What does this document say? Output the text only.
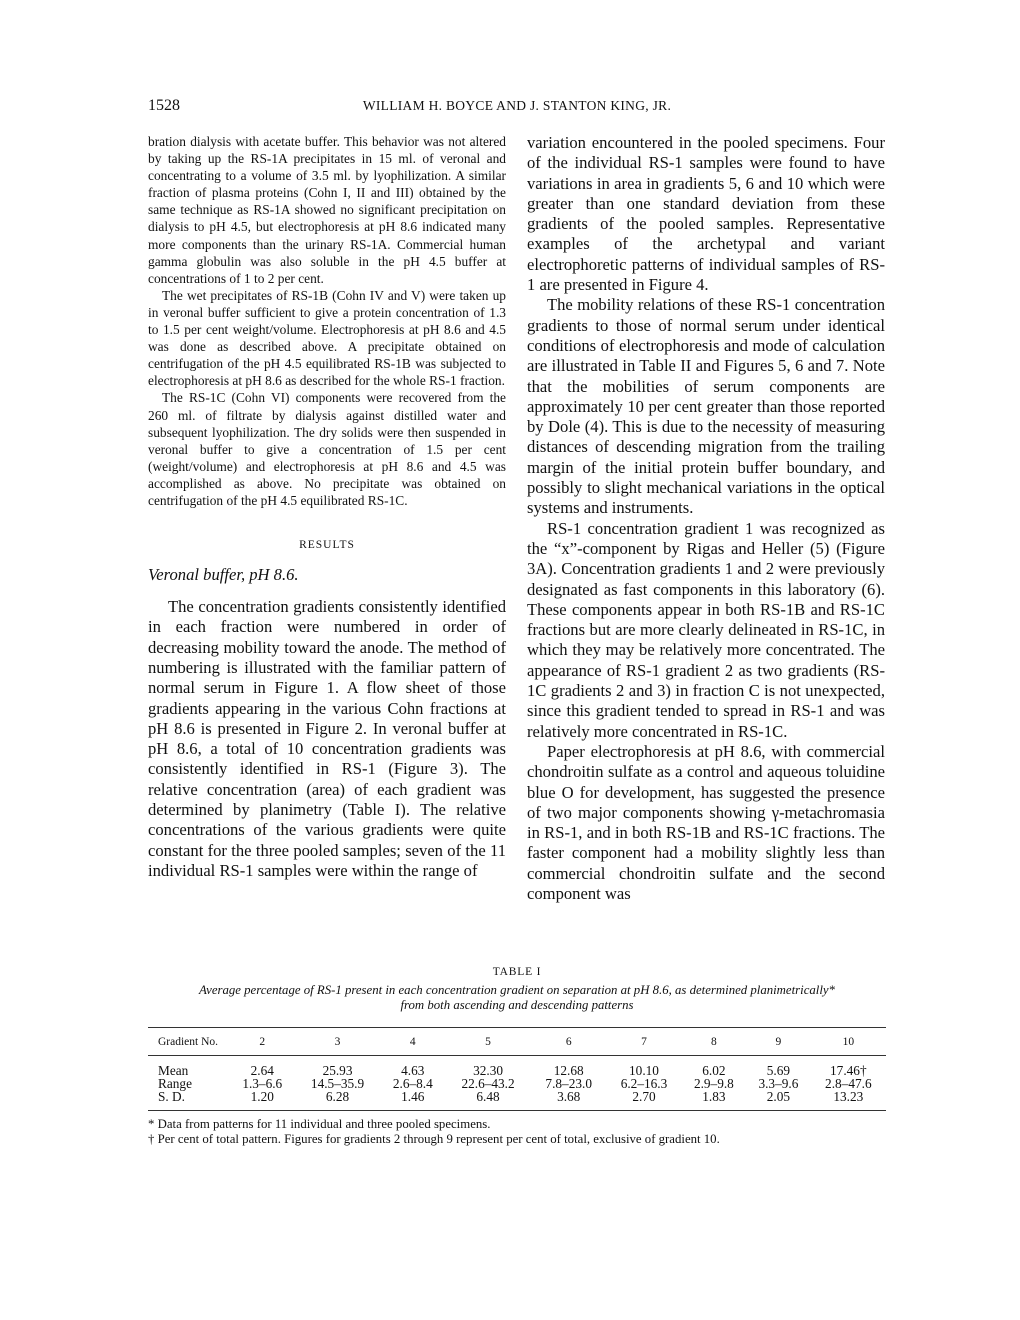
1528	WILLIAM H. BOYCE AND J. STANTON KING, JR.

bration dialysis with acetate buffer. This behavior was not altered by taking up the RS-1A precipitates in 15 ml. of veronal and concentrating to a volume of 3.5 ml. by lyophilization. A similar fraction of plasma proteins (Cohn I, II and III) obtained by the same technique as RS-1A showed no significant precipitation on dialysis to pH 4.5, but electrophoresis at pH 8.6 indicated many more components than the urinary RS-1A. Commercial human gamma globulin was also soluble in the pH 4.5 buffer at concentrations of 1 to 2 per cent.

The wet precipitates of RS-1B (Cohn IV and V) were taken up in veronal buffer sufficient to give a protein concentration of 1.3 to 1.5 per cent weight/volume. Electrophoresis at pH 8.6 and 4.5 was done as described above. A precipitate obtained on centrifugation of the pH 4.5 equilibrated RS-1B was subjected to electrophoresis at pH 8.6 as described for the whole RS-1 fraction.

The RS-1C (Cohn VI) components were recovered from the 260 ml. of filtrate by dialysis against distilled water and subsequent lyophilization. The dry solids were then suspended in veronal buffer to give a concentration of 1.5 per cent (weight/volume) and electrophoresis at pH 8.6 and 4.5 was accomplished as above. No precipitate was obtained on centrifugation of the pH 4.5 equilibrated RS-1C.

RESULTS
Veronal buffer, pH 8.6.

The concentration gradients consistently identified in each fraction were numbered in order of decreasing mobility toward the anode. The method of numbering is illustrated with the familiar pattern of normal serum in Figure 1. A flow sheet of those gradients appearing in the various Cohn fractions at pH 8.6 is presented in Figure 2. In veronal buffer at pH 8.6, a total of 10 concentration gradients was consistently identified in RS-1 (Figure 3). The relative concentration (area) of each gradient was determined by planimetry (Table I). The relative concentrations of the various gradients were quite constant for the three pooled samples; seven of the 11 individual RS-1 samples were within the range of

variation encountered in the pooled specimens. Four of the individual RS-1 samples were found to have variations in area in gradients 5, 6 and 10 which were greater than one standard deviation from these gradients of the pooled samples. Representative examples of the archetypal and variant electrophoretic patterns of individual samples of RS-1 are presented in Figure 4.

The mobility relations of these RS-1 concentration gradients to those of normal serum under identical conditions of electrophoresis and mode of calculation are illustrated in Table II and Figures 5, 6 and 7. Note that the mobilities of serum components are approximately 10 per cent greater than those reported by Dole (4). This is due to the necessity of measuring distances of descending migration from the trailing margin of the initial protein buffer boundary, and possibly to slight mechanical variations in the optical systems and instruments.

RS-1 concentration gradient 1 was recognized as the “x”-component by Rigas and Heller (5) (Figure 3A). Concentration gradients 1 and 2 were previously designated as fast components in this laboratory (6). These components appear in both RS-1B and RS-1C fractions but are more clearly delineated in RS-1C, in which they may be relatively more concentrated. The appearance of RS-1 gradient 2 as two gradients (RS-1C gradients 2 and 3) in fraction C is not unexpected, since this gradient tended to spread in RS-1 and was relatively more concentrated in RS-1C.

Paper electrophoresis at pH 8.6, with commercial chondroitin sulfate as a control and aqueous toluidine blue O for development, has suggested the presence of two major components showing γ-metachromasia in RS-1, and in both RS-1B and RS-1C fractions. The faster component had a mobility slightly less than commercial chondroitin sulfate and the second component was

TABLE I
Average percentage of RS-1 present in each concentration gradient on separation at pH 8.6, as determined planimetrically* from both ascending and descending patterns
Gradient No.	2	3	4	5	6	7	8	9	10
Mean	2.64	25.93	4.63	32.30	12.68	10.10	6.02	5.69	17.46†
Range	1.3–6.6	14.5–35.9	2.6–8.4	22.6–43.2	7.8–23.0	6.2–16.3	2.9–9.8	3.3–9.6	2.8–47.6
S. D.	1.20	6.28	1.46	6.48	3.68	2.70	1.83	2.05	13.23
* Data from patterns for 11 individual and three pooled specimens.
† Per cent of total pattern. Figures for gradients 2 through 9 represent per cent of total, exclusive of gradient 10.
